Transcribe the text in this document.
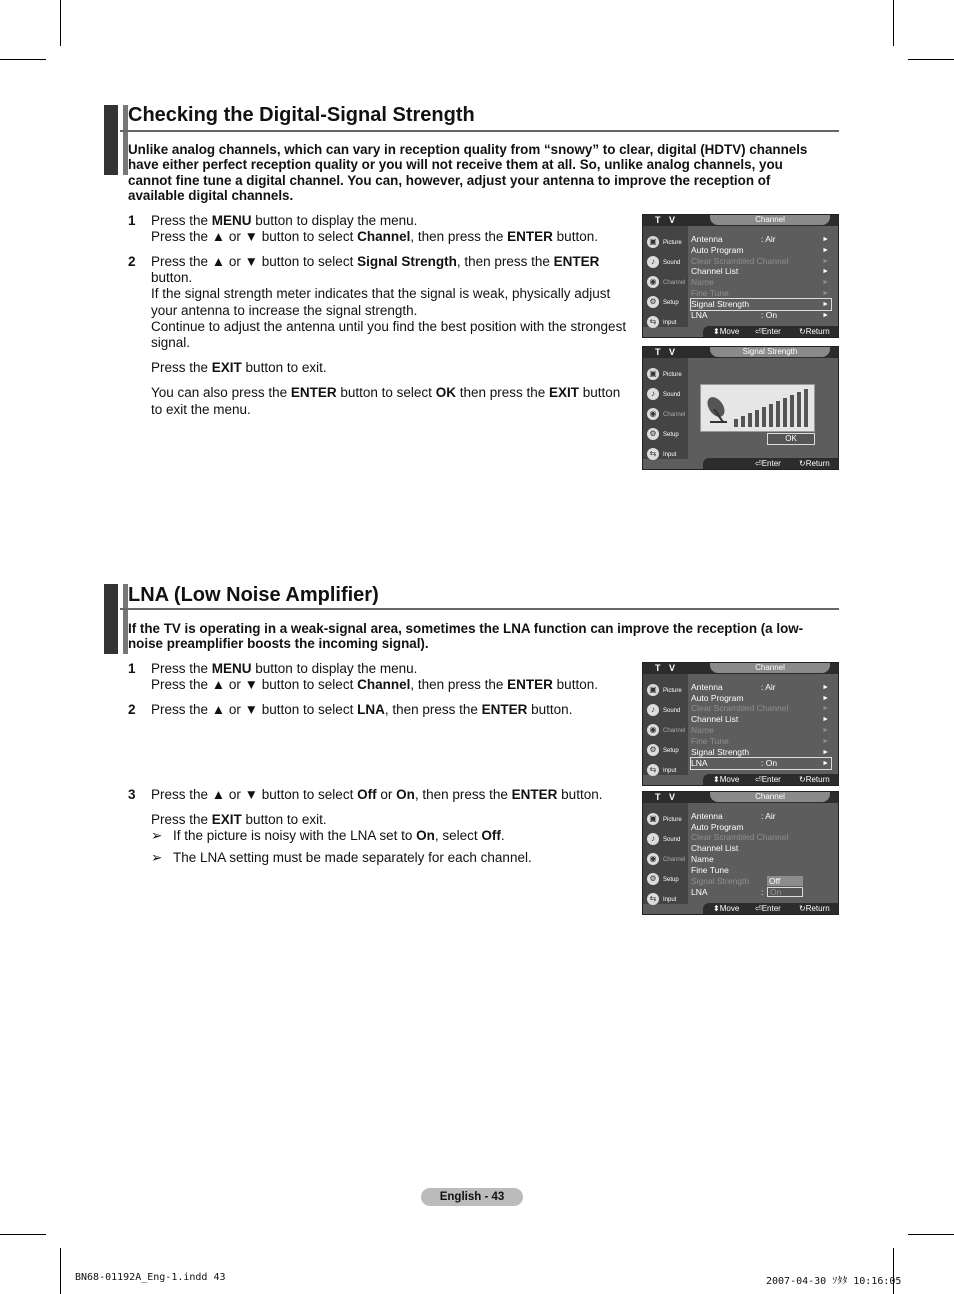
Checking the Digital-Signal Strength

Unlike analog channels, which can vary in reception quality from “snowy” to clear, digital (HDTV) channels have either perfect reception quality or you will not receive them at all. So, unlike analog channels, you cannot fine tune a digital channel. You can, however, adjust your antenna to improve the reception of available digital channels.

1 Press the MENU button to display the menu.

Press the ▲ or ▼ button to select Channel, then press the ENTER button.

2 Press the ▲ or ▼ button to select Signal Strength, then press the ENTER button.
If the signal strength meter indicates that the signal is weak, physically adjust your antenna to increase the signal strength.
Continue to adjust the antenna until you find the best position with the strongest signal.

Press the EXIT button to exit.

You can also press the ENTER button to select OK then press the EXIT button to exit the menu.

T V	Channel
▣	Picture
♪	Sound
◉	Channel
⚙	Setup
⇆	Input
Antenna	: Air	►
Auto Program	►
Clear Scrambled Channel	►
Channel List	►
Name	►
Fine Tune	►
Signal Strength	►
LNA	: On	►
⬍ Move ⏎ Enter ↻ Return
T V	Signal Strength
▣	Picture
♪	Sound
◉	Channel
⚙	Setup
⇆	Input
OK
⏎ Enter ↻ Return
LNA (Low Noise Amplifier)

If the TV is operating in a weak-signal area, sometimes the LNA function can improve the reception (a low-noise preamplifier boosts the incoming signal).

1 Press the MENU button to display the menu.

Press the ▲ or ▼ button to select Channel, then press the ENTER button.

2 Press the ▲ or ▼ button to select LNA, then press the ENTER button.

3 Press the ▲ or ▼ button to select Off or On, then press the ENTER button.

Press the EXIT button to exit.

➢ If the picture is noisy with the LNA set to On, select Off.

➢ The LNA setting must be made separately for each channel.

T V	Channel
▣	Picture
♪	Sound
◉	Channel
⚙	Setup
⇆	Input
Antenna	: Air	►
Auto Program	►
Clear Scrambled Channel	►
Channel List	►
Name	►
Fine Tune	►
Signal Strength	►
LNA	: On	►
⬍ Move ⏎ Enter ↻ Return
T V	Channel
▣	Picture
♪	Sound
◉	Channel
⚙	Setup
⇆	Input
Antenna	: Air
Auto Program
Clear Scrambled Channel
Channel List
Name
Fine Tune
Signal Strength
LNA	:
Off
On
⬍ Move ⏎ Enter ↻ Return
English - 43
BN68-01192A_Eng-1.indd 43	2007-04-30 ｿﾀﾀ 10:16:05
